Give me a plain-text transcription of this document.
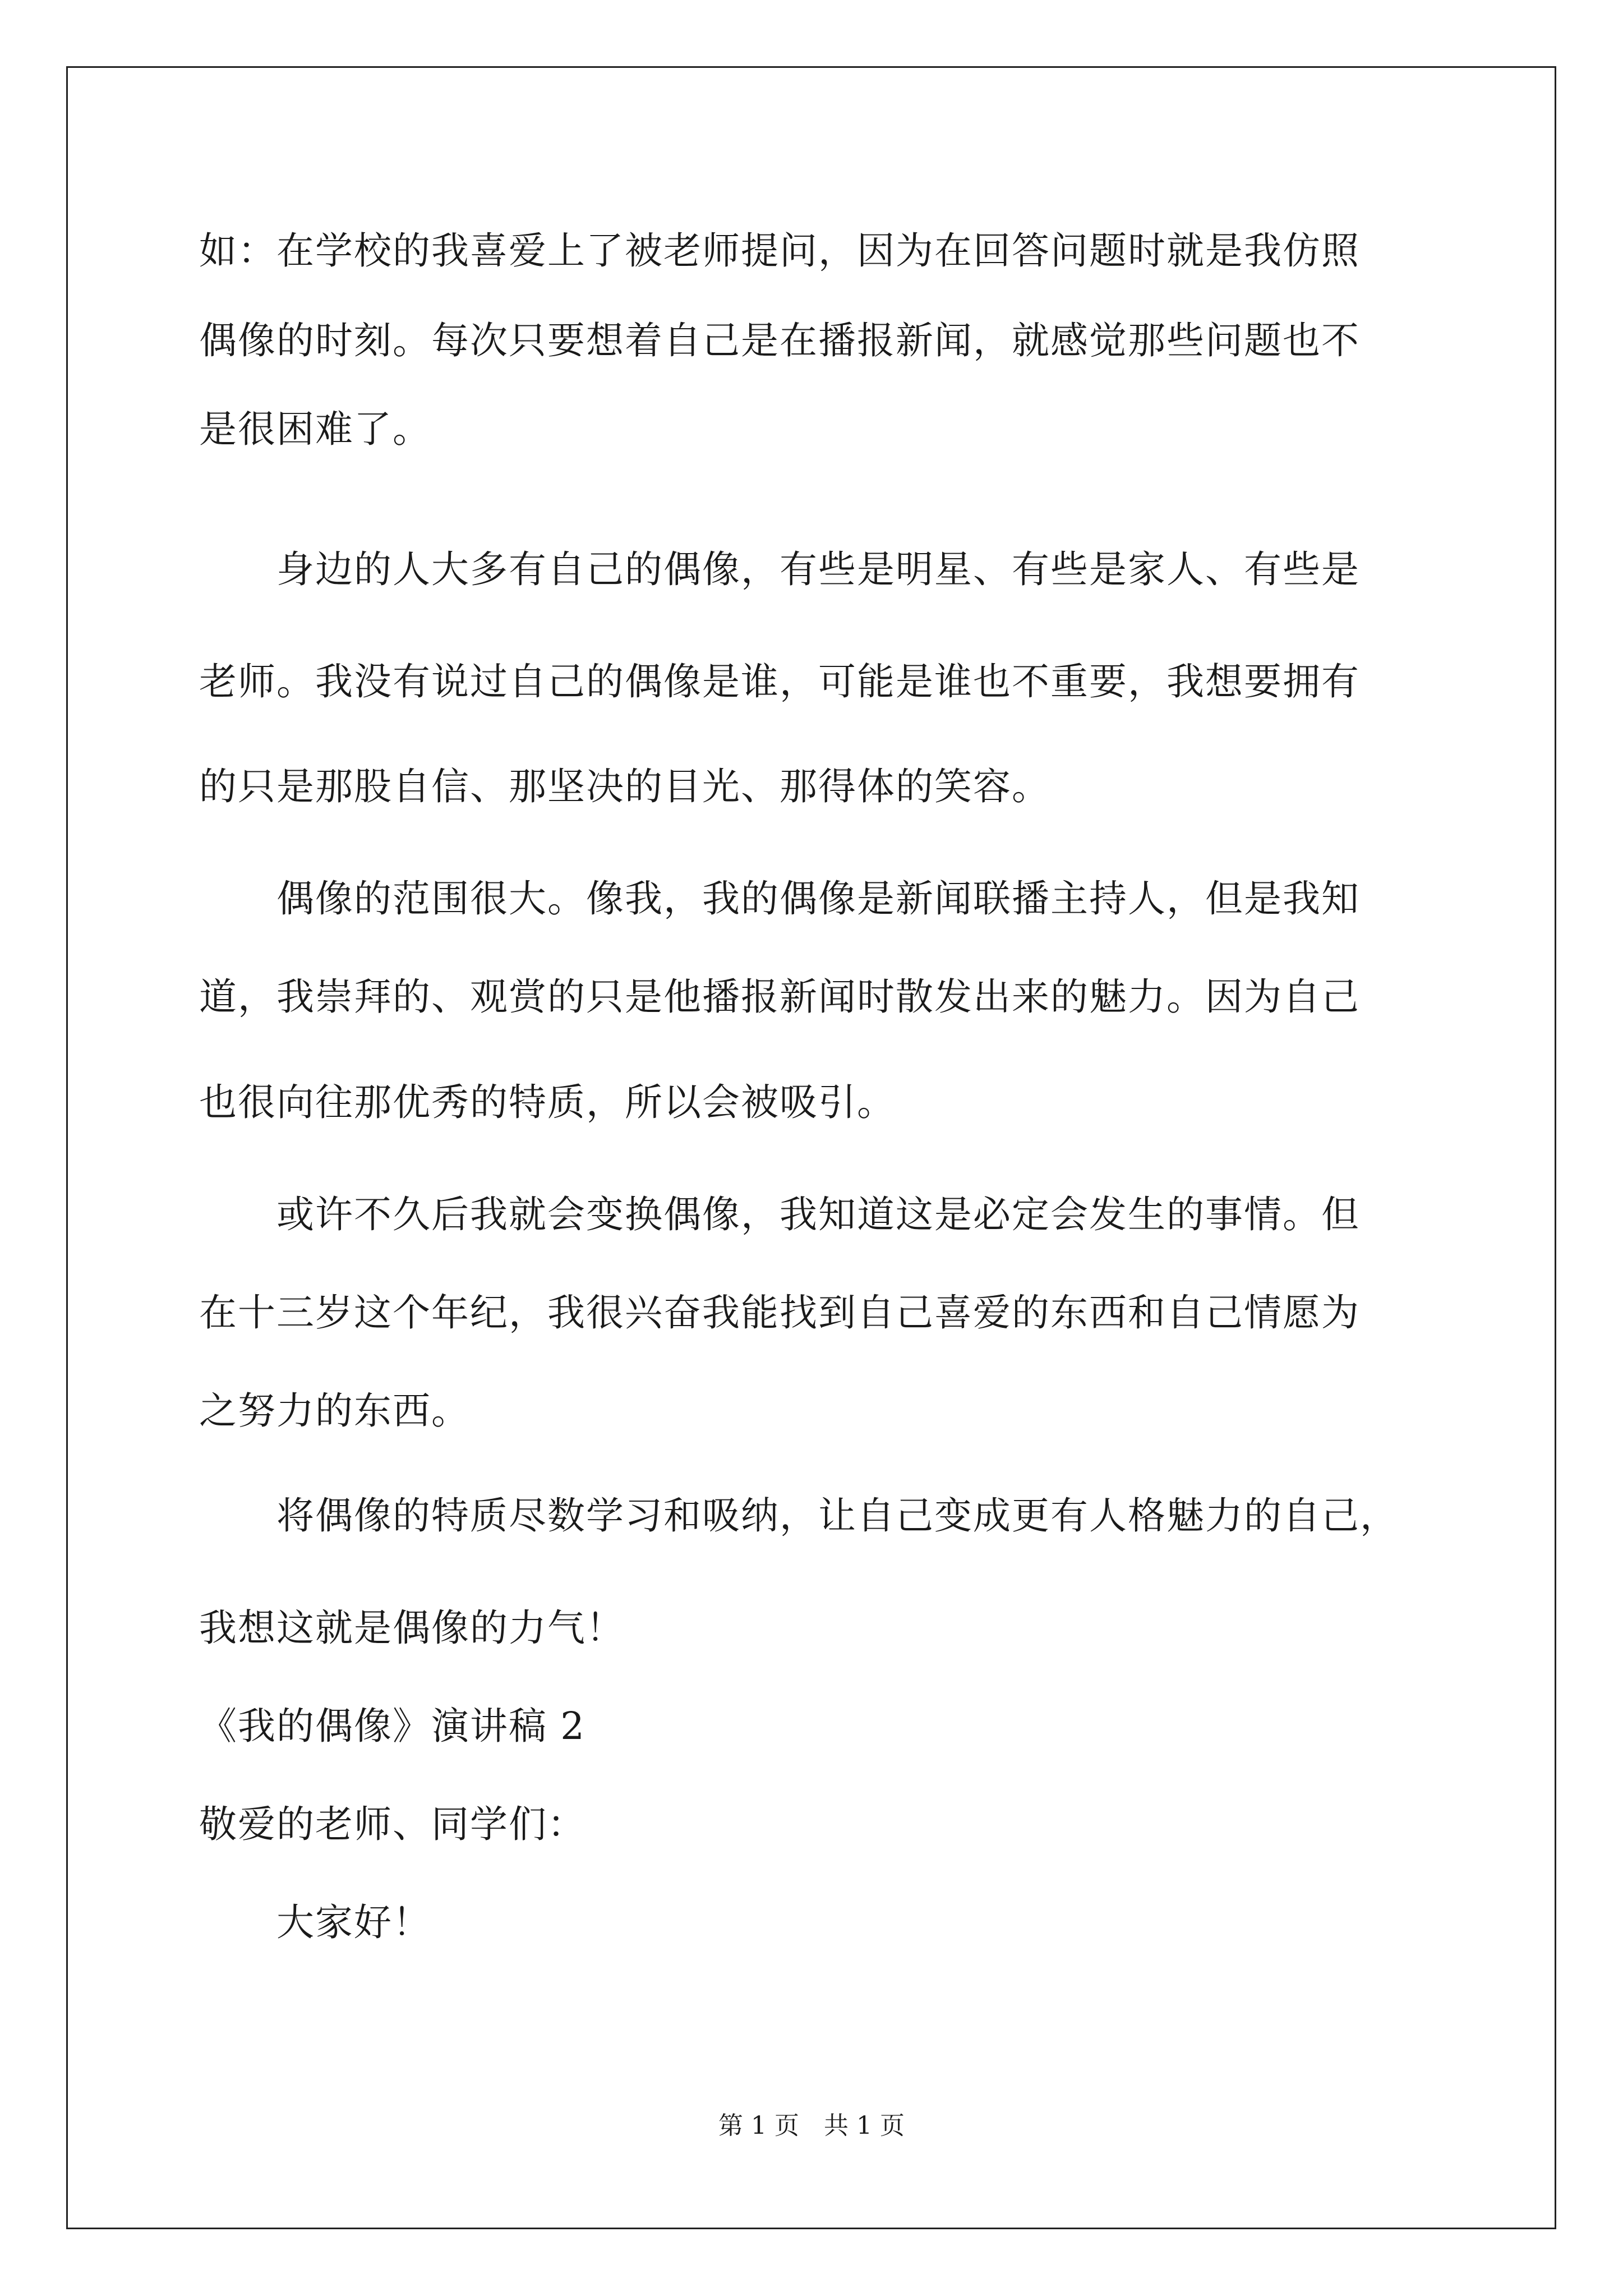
如：在学校的我喜爱上了被老师提问，因为在回答问题时就是我仿照
偶像的时刻。每次只要想着自己是在播报新闻，就感觉那些问题也不
是很困难了。
　　身边的人大多有自己的偶像，有些是明星、有些是家人、有些是
老师。我没有说过自己的偶像是谁，可能是谁也不重要，我想要拥有
的只是那股自信、那坚决的目光、那得体的笑容。
　　偶像的范围很大。像我，我的偶像是新闻联播主持人，但是我知
道，我崇拜的、观赏的只是他播报新闻时散发出来的魅力。因为自己
也很向往那优秀的特质，所以会被吸引。
　　或许不久后我就会变换偶像，我知道这是必定会发生的事情。但
在十三岁这个年纪，我很兴奋我能找到自己喜爱的东西和自己情愿为
之努力的东西。
　　将偶像的特质尽数学习和吸纳，让自己变成更有人格魅力的自己，
我想这就是偶像的力气！
《我的偶像》演讲稿 2
敬爱的老师、同学们：
　　大家好！
第 1 页　共 1 页
